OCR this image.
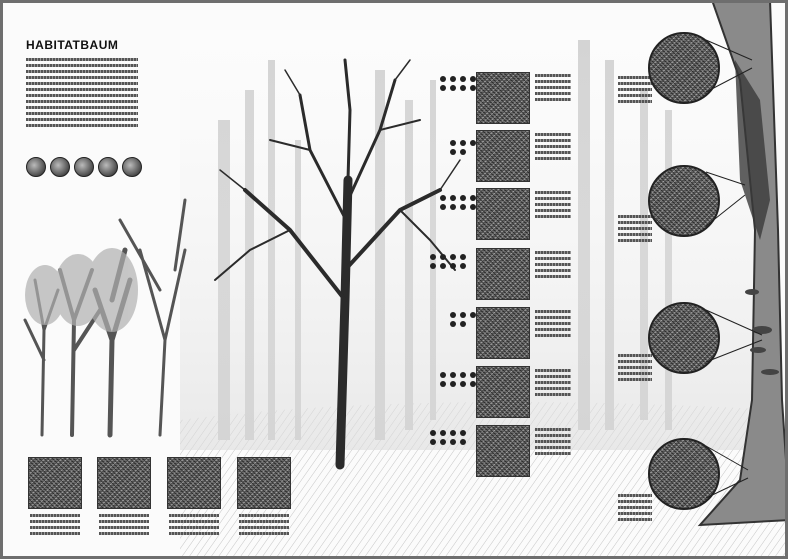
HABITATBAUM
